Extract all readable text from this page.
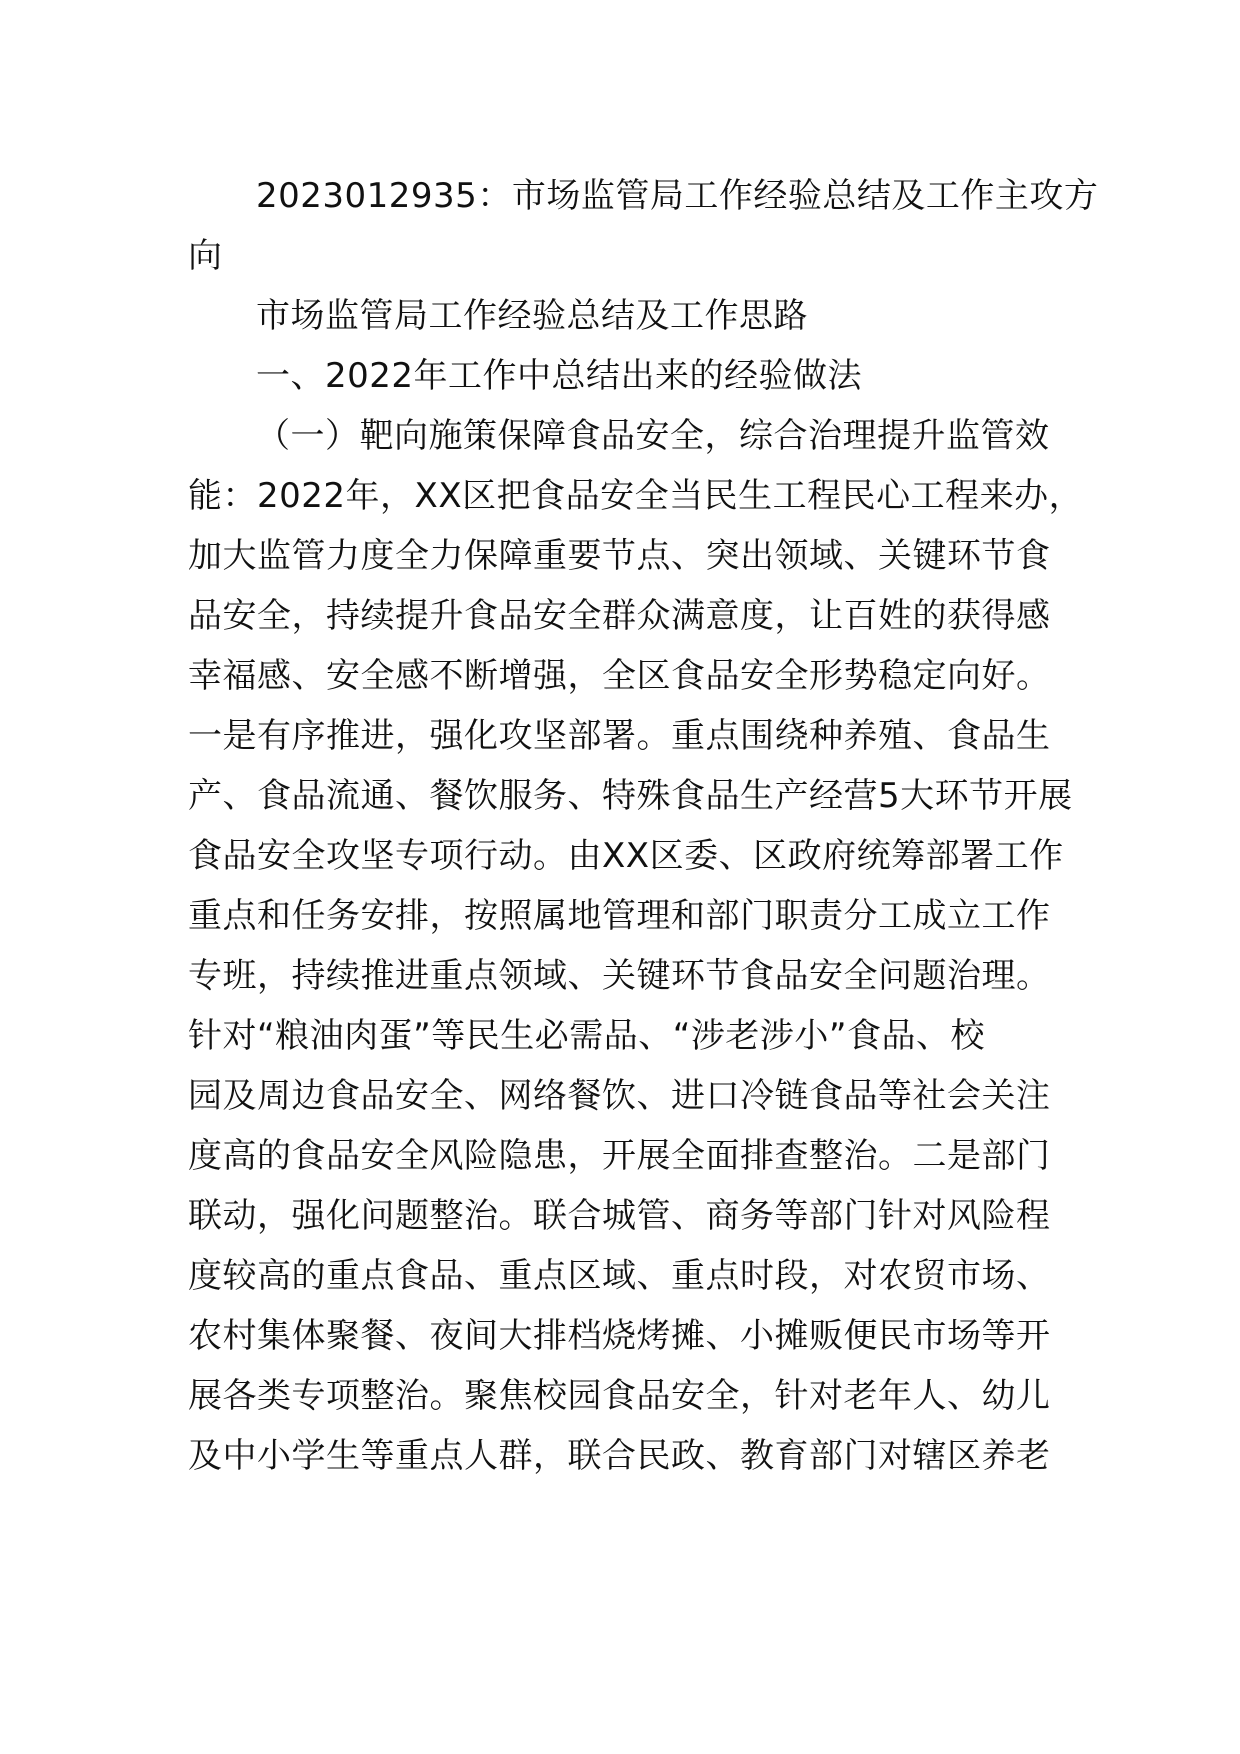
2023012935：市场监管局工作经验总结及工作主攻方
向
市场监管局工作经验总结及工作思路
一、2022年工作中总结出来的经验做法
（一）靶向施策保障食品安全，综合治理提升监管效
能：2022年，XX区把食品安全当民生工程民心工程来办，
加大监管力度全力保障重要节点、突出领域、关键环节食
品安全，持续提升食品安全群众满意度，让百姓的获得感
幸福感、安全感不断增强，全区食品安全形势稳定向好。
一是有序推进，强化攻坚部署。重点围绕种养殖、食品生
产、食品流通、餐饮服务、特殊食品生产经营5大环节开展
食品安全攻坚专项行动。由XX区委、区政府统筹部署工作
重点和任务安排，按照属地管理和部门职责分工成立工作
专班，持续推进重点领域、关键环节食品安全问题治理。
针对“粮油肉蛋”等民生必需品、“涉老涉小”食品、校
园及周边食品安全、网络餐饮、进口冷链食品等社会关注
度高的食品安全风险隐患，开展全面排查整治。二是部门
联动，强化问题整治。联合城管、商务等部门针对风险程
度较高的重点食品、重点区域、重点时段，对农贸市场、
农村集体聚餐、夜间大排档烧烤摊、小摊贩便民市场等开
展各类专项整治。聚焦校园食品安全，针对老年人、幼儿
及中小学生等重点人群，联合民政、教育部门对辖区养老
